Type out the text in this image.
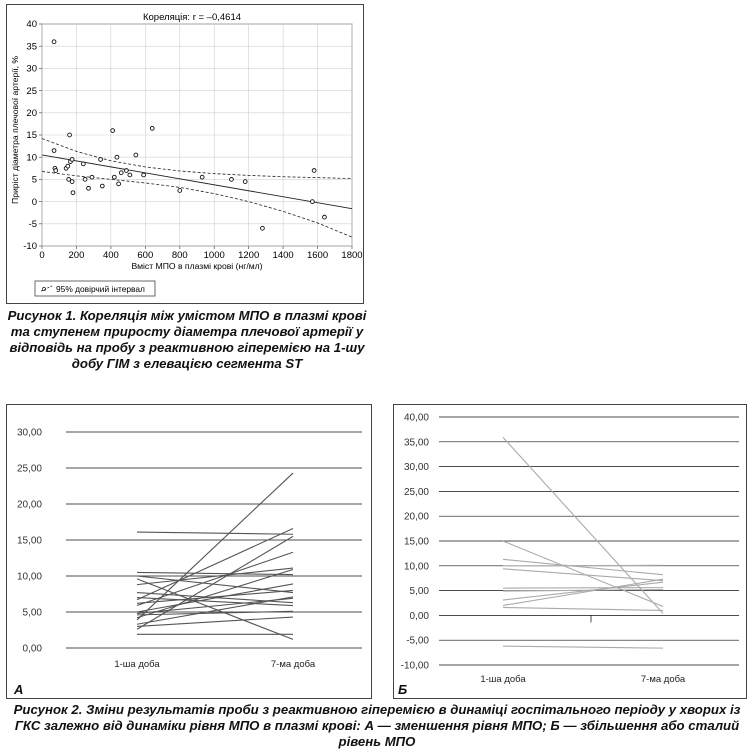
Кореляція: r = –0,4614
-10
-5
0
5
10
15
20
25
30
35
40
0	200 400 600 800 1000 1200 1400 1600 1800
Приріст діаметра плечової артерії, %
Вміст МПО в плазмі крові (нг/мл)
95% довірчий інтервал

Рисунок 1. Кореляція між умістом МПО в плазмі крові та ступенем приросту діаметра плечової артерії у відповідь на пробу з реактивною гіперемією на 1-шу добу ГІМ з елевацією сегмента ST

0,00
5,00
10,00
15,00
20,00
25,00
30,00
1-ша доба	7-ма доба
А
-10,00
-5,00
0,00
5,00
10,00
15,00
20,00
25,00
30,00
35,00
40,00
1-ша доба	7-ма доба
Б

Рисунок 2. Зміни результатів проби з реактивною гіперемією в динаміці госпітального періоду у хворих із ГКС залежно від динаміки рівня МПО в плазмі крові: А — зменшення рівня МПО; Б — збільшення або сталий рівень МПО
